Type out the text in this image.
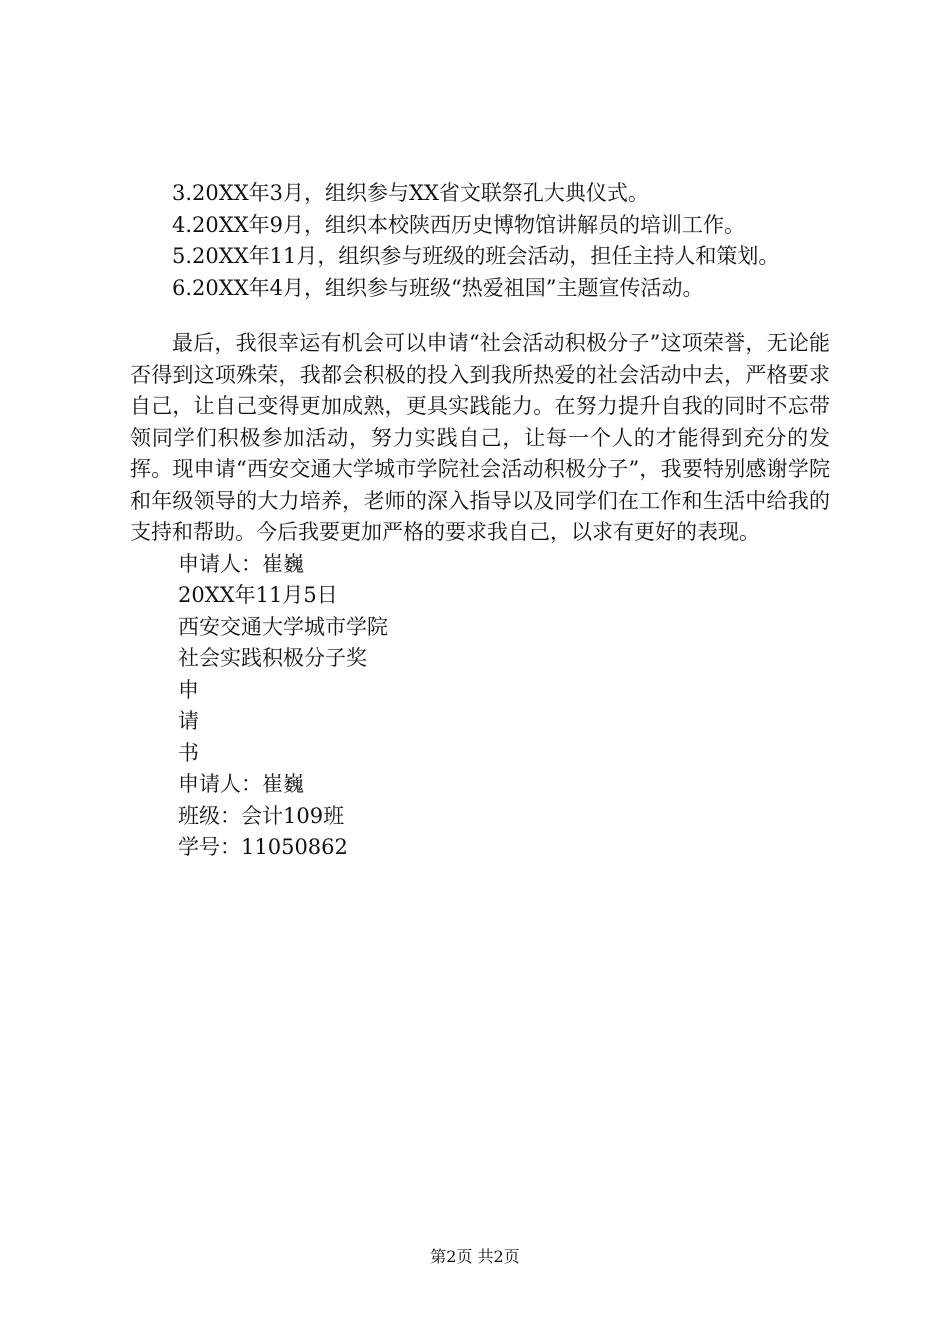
3.20XX年3月，组织参与XX省文联祭孔大典仪式。

4.20XX年9月，组织本校陕西历史博物馆讲解员的培训工作。

5.20XX年11月，组织参与班级的班会活动，担任主持人和策划。

6.20XX年4月，组织参与班级“热爱祖国”主题宣传活动。

最后，我很幸运有机会可以申请“社会活动积极分子”这项荣誉，无论能否得到这项殊荣，我都会积极的投入到我所热爱的社会活动中去，严格要求自己，让自己变得更加成熟，更具实践能力。在努力提升自我的同时不忘带领同学们积极参加活动，努力实践自己，让每一个人的才能得到充分的发挥。现申请“西安交通大学城市学院社会活动积极分子”，我要特别感谢学院和年级领导的大力培养，老师的深入指导以及同学们在工作和生活中给我的支持和帮助。今后我要更加严格的要求我自己，以求有更好的表现。

申请人：崔巍

20XX年11月5日

西安交通大学城市学院

社会实践积极分子奖

申

请

书

申请人：崔巍

班级：会计109班

学号：11050862

第2页 共2页
